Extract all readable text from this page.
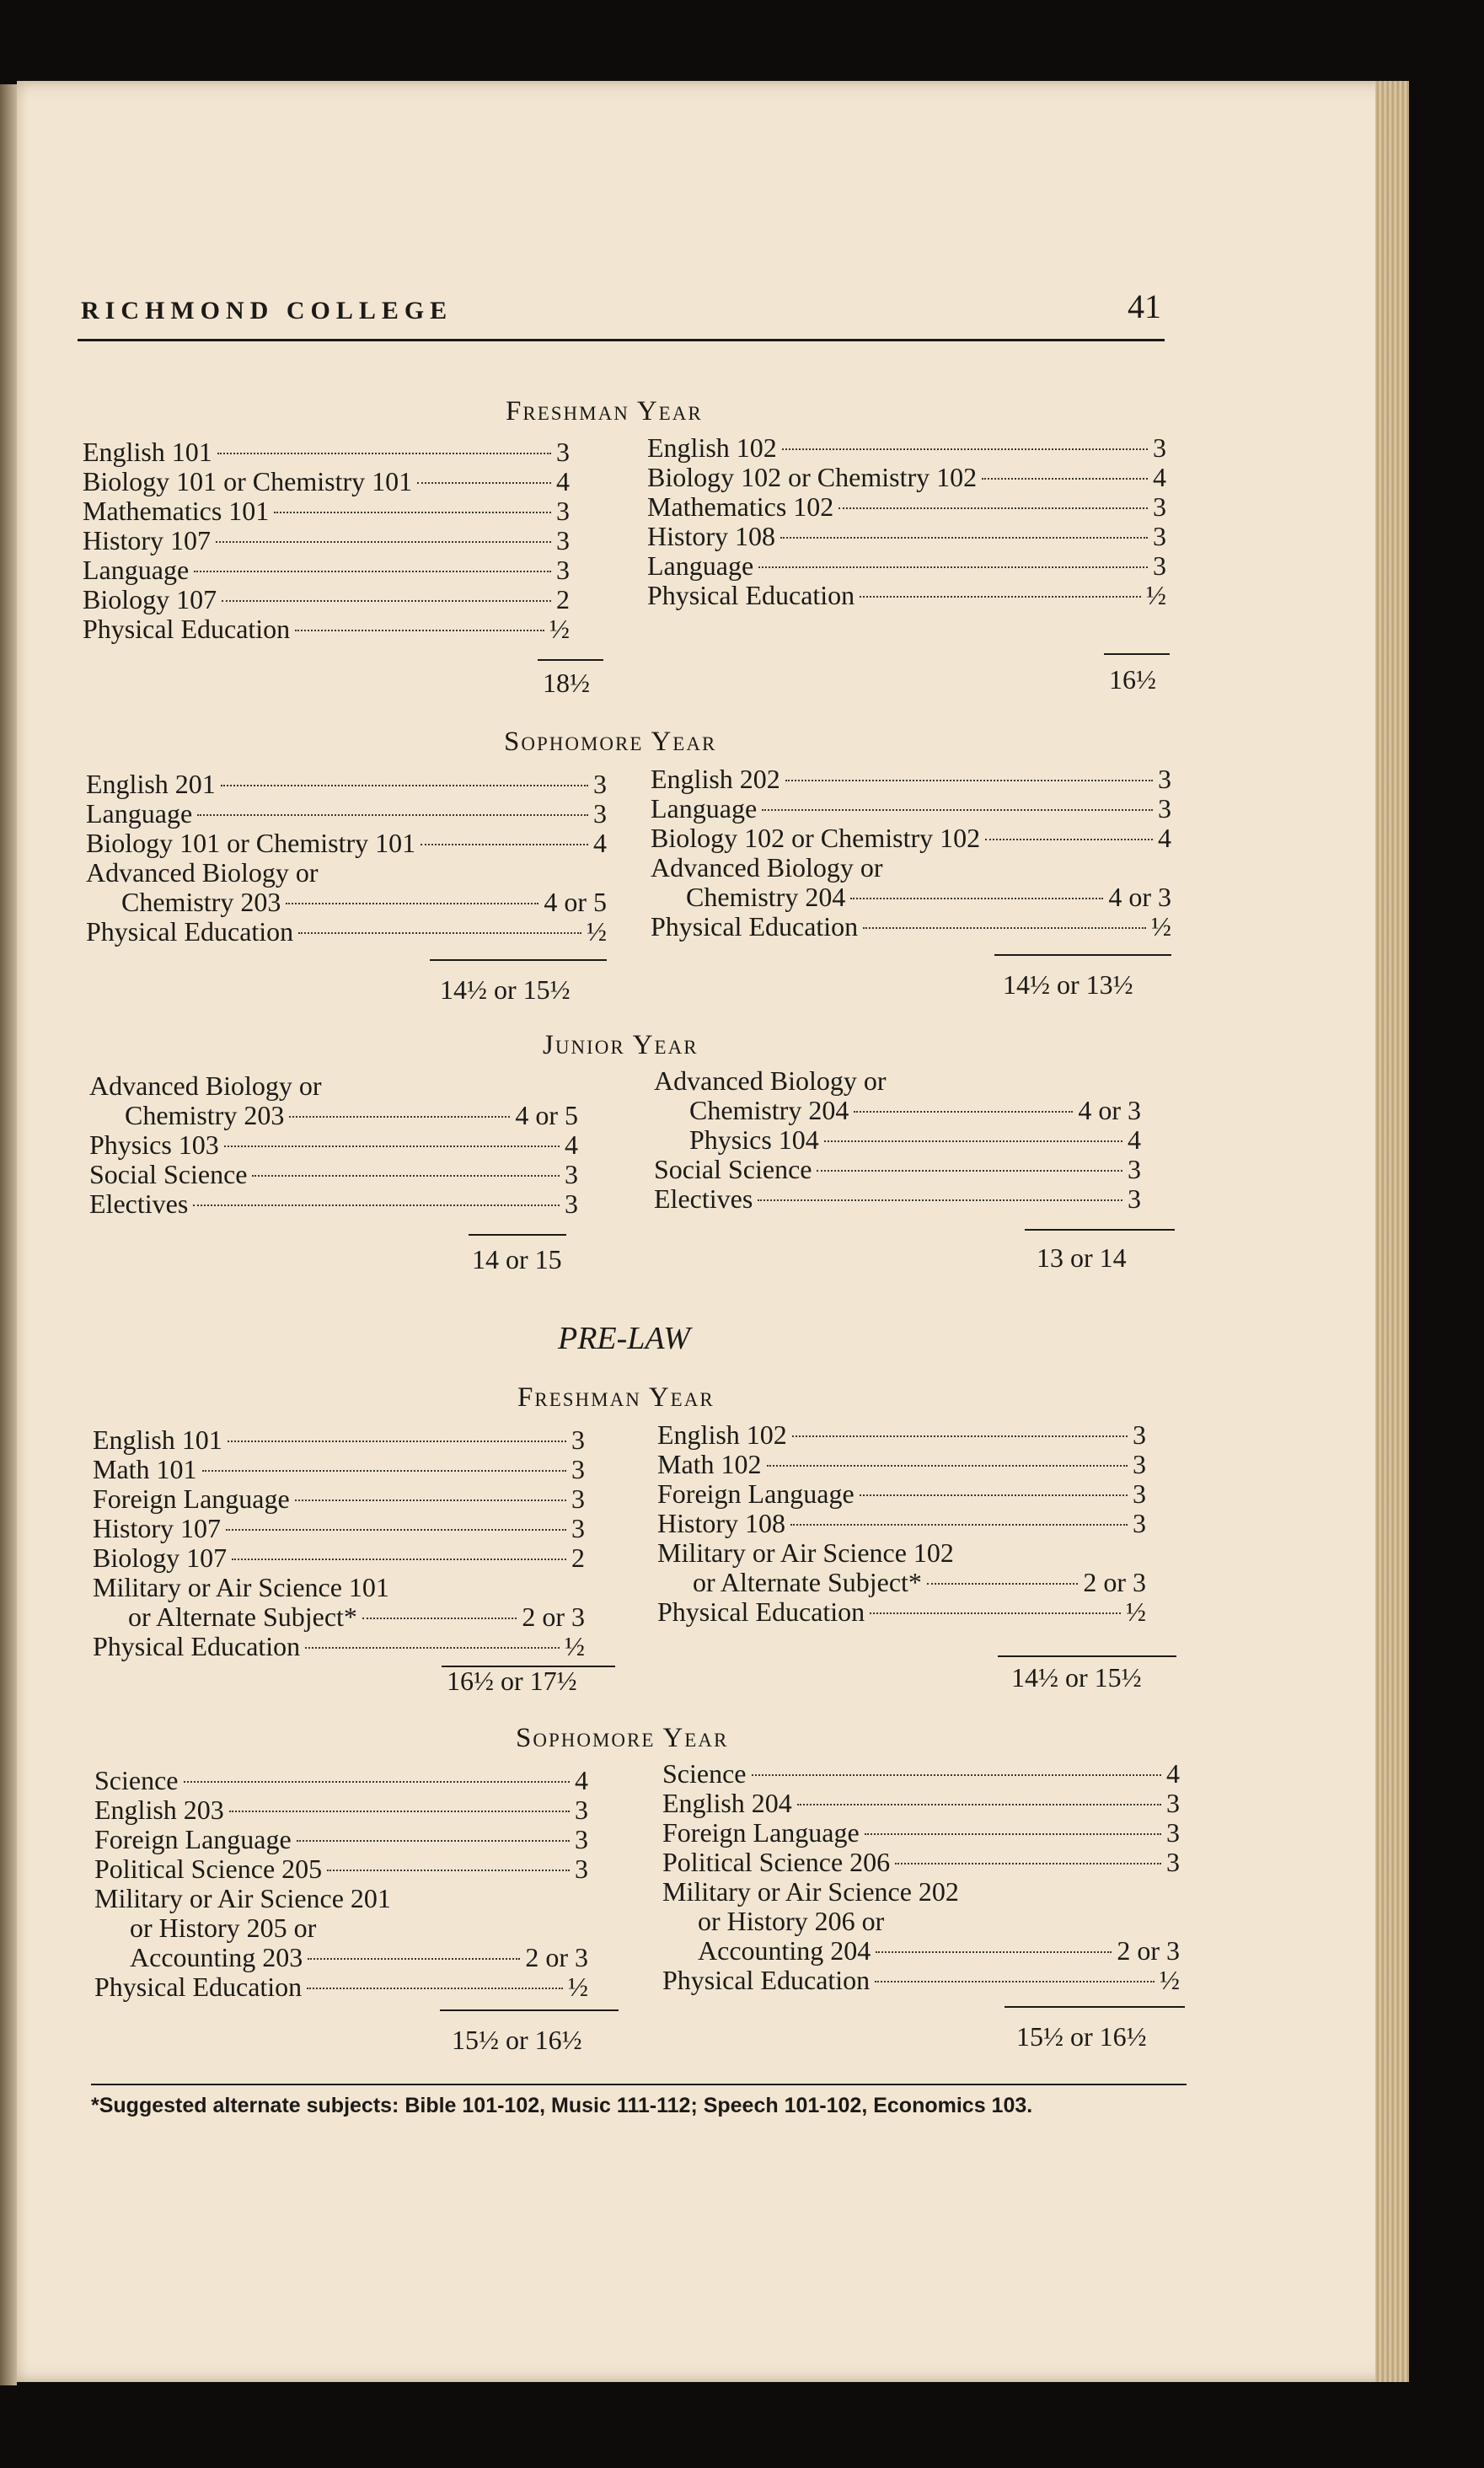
RICHMOND COLLEGE	41
Freshman Year
English 101	3
Biology 101 or Chemistry 101	4
Mathematics 101	3
History 107	3
Language	3
Biology 107	2
Physical Education	½
English 102	3
Biology 102 or Chemistry 102	4
Mathematics 102	3
History 108	3
Language	3
Physical Education	½
18½	16½
Sophomore Year
English 201	3
Language	3
Biology 101 or Chemistry 101	4
Advanced Biology or
Chemistry 203	4 or 5
Physical Education	½
English 202	3
Language	3
Biology 102 or Chemistry 102	4
Advanced Biology or
Chemistry 204	4 or 3
Physical Education	½
14½ or 15½	14½ or 13½
Junior Year
Advanced Biology or
Chemistry 203	4 or 5
Physics 103	4
Social Science	3
Electives	3
Advanced Biology or
Chemistry 204	4 or 3
Physics 104	4
Social Science	3
Electives	3
14 or 15	13 or 14
PRE-LAW
Freshman Year
English 101	3
Math 101	3
Foreign Language	3
History 107	3
Biology 107	2
Military or Air Science 101
or Alternate Subject*	2 or 3
Physical Education	½
English 102	3
Math 102	3
Foreign Language	3
History 108	3
Military or Air Science 102
or Alternate Subject*	2 or 3
Physical Education	½
16½ or 17½	14½ or 15½
Sophomore Year
Science	4
English 203	3
Foreign Language	3
Political Science 205	3
Military or Air Science 201
or History 205 or
Accounting 203	2 or 3
Physical Education	½
Science	4
English 204	3
Foreign Language	3
Political Science 206	3
Military or Air Science 202
or History 206 or
Accounting 204	2 or 3
Physical Education	½
15½ or 16½	15½ or 16½
*Suggested alternate subjects: Bible 101-102, Music 111-112; Speech 101-102, Economics 103.
